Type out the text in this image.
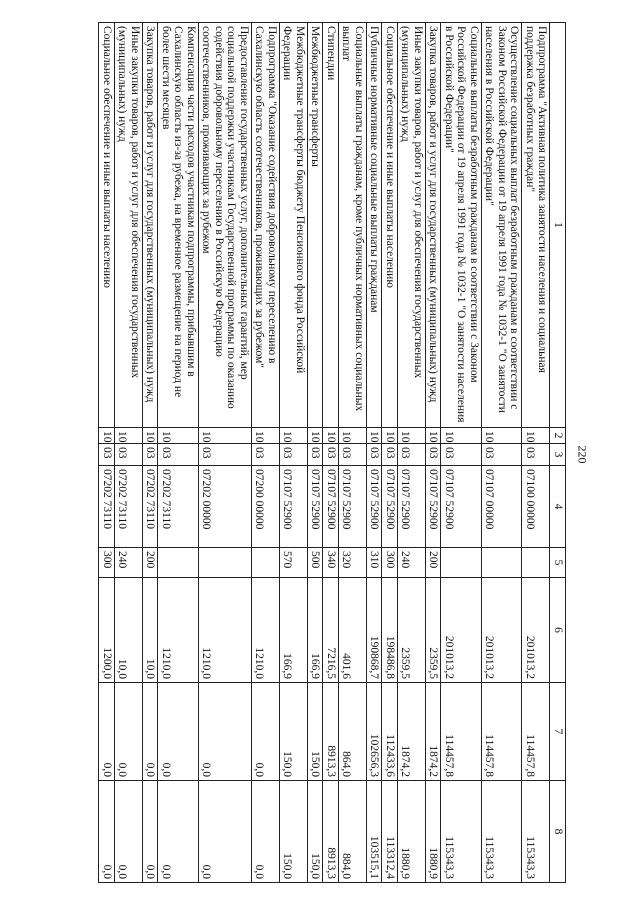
220
1	2	3	4	5	6	7	8
Подпрограмма "Активная политика занятости населения и социальная поддержка безработных граждан"	10	03	07100 00000		201013,2	114457,8	115343,3
Осуществление социальных выплат безработным гражданам в соответствии с Законом Российской Федерации от 19 апреля 1991 года № 1032-1 "О занятости населения в Российской Федерации"	10	03	07107 00000		201013,2	114457,8	115343,3
Социальные выплаты безработным гражданам в соответствии с Законом Российской Федерации от 19 апреля 1991 года № 1032-1 "О занятости населения в Российской Федерации"	10	03	07107 52900		201013,2	114457,8	115343,3
Закупка товаров, работ и услуг для государственных (муниципальных) нужд	10	03	07107 52900	200	2359,5	1874,2	1880,9
Иные закупки товаров, работ и услуг для обеспечения государственных (муниципальных) нужд	10	03	07107 52900	240	2359,5	1874,2	1880,9
Социальное обеспечение и иные выплаты населению	10	03	07107 52900	300	198486,8	112433,6	113312,4
Публичные нормативные социальные выплаты гражданам	10	03	07107 52900	310	190868,7	102656,3	103515,1
Социальные выплаты гражданам, кроме публичных нормативных социальных выплат	10	03	07107 52900	320	401,6	864,0	884,0
Стипендии	10	03	07107 52900	340	7216,5	8913,3	8913,3
Межбюджетные трансферты	10	03	07107 52900	500	166,9	150,0	150,0
Межбюджетные трансферты бюджету Пенсионного фонда Российской Федерации	10	03	07107 52900	570	166,9	150,0	150,0
Подпрограмма "Оказание содействия добровольному переселению в Сахалинскую область соотечественников, проживающих за рубежом"	10	03	07200 00000		1210,0	0,0	0,0
Предоставление государственных услуг, дополнительных гарантий, мер социальной поддержки участникам Государственной программы по оказанию содействия добровольному переселению в Российскую Федерацию соотечественников, проживающих за рубежом	10	03	07202 00000		1210,0	0,0	0,0
Компенсация части расходов участникам подпрограммы, прибывшим в Сахалинскую область из-за рубежа, на временное размещение на период не более шести месяцев	10	03	07202 73110		1210,0	0,0	0,0
Закупка товаров, работ и услуг для государственных (муниципальных) нужд	10	03	07202 73110	200	10,0	0,0	0,0
Иные закупки товаров, работ и услуг для обеспечения государственных (муниципальных) нужд	10	03	07202 73110	240	10,0	0,0	0,0
Социальное обеспечение и иные выплаты населению	10	03	07202 73110	300	1200,0	0,0	0,0
